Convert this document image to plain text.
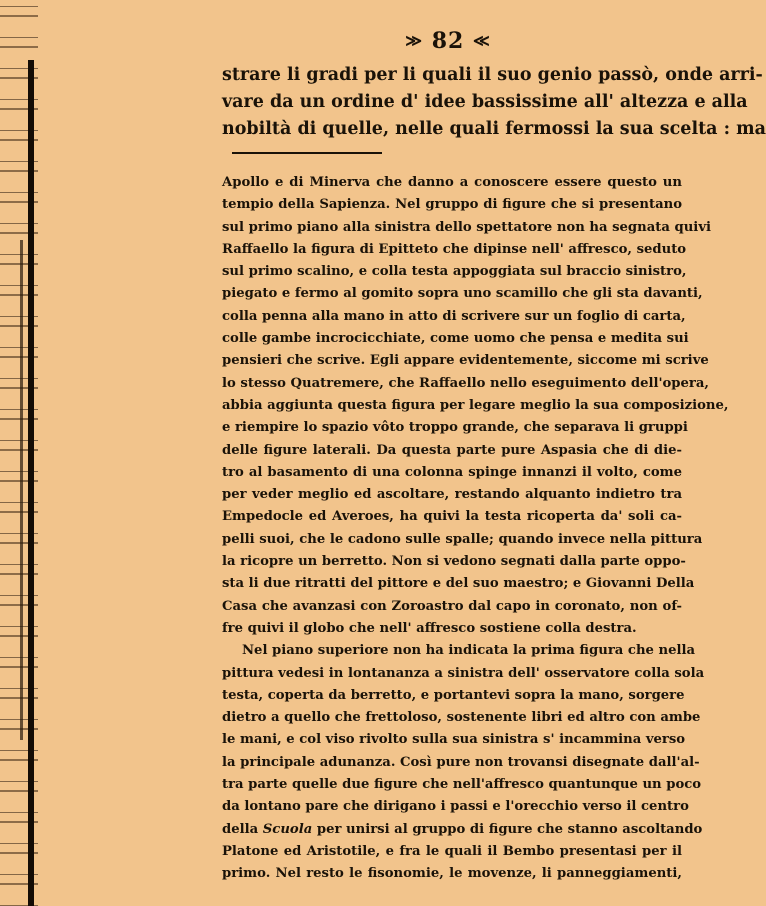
≫ 82 ≪
strare li gradi per li quali il suo genio passò, onde arri-
vare da un ordine d' idee bassissime all' altezza e alla
nobiltà di quelle, nelle quali fermossi la sua scelta : ma
Apollo e di Minerva che danno a conoscere essere questo un
tempio della Sapienza. Nel gruppo di figure che si presentano
sul primo piano alla sinistra dello spettatore non ha segnata quivi
Raffaello la figura di Epitteto che dipinse nell' affresco, seduto
sul primo scalino, e colla testa appoggiata sul braccio sinistro,
piegato e fermo al gomito sopra uno scamillo che gli sta davanti,
colla penna alla mano in atto di scrivere sur un foglio di carta,
colle gambe incrocicchiate, come uomo che pensa e medita sui
pensieri che scrive. Egli appare evidentemente, siccome mi scrive
lo stesso Quatremere, che Raffaello nello eseguimento dell'opera,
abbia aggiunta questa figura per legare meglio la sua composizione,
e riempire lo spazio vôto troppo grande, che separava li gruppi
delle figure laterali. Da questa parte pure Aspasia che di die-
tro al basamento di una colonna spinge innanzi il volto, come
per veder meglio ed ascoltare, restando alquanto indietro tra
Empedocle ed Averoes, ha quivi la testa ricoperta da' soli ca-
pelli suoi, che le cadono sulle spalle; quando invece nella pittura
la ricopre un berretto. Non si vedono segnati dalla parte oppo-
sta li due ritratti del pittore e del suo maestro; e Giovanni Della
Casa che avanzasi con Zoroastro dal capo in coronato, non of-
fre quivi il globo che nell' affresco sostiene colla destra.
Nel piano superiore non ha indicata la prima figura che nella
pittura vedesi in lontananza a sinistra dell' osservatore colla sola
testa, coperta da berretto, e portantevi sopra la mano, sorgere
dietro a quello che frettoloso, sostenente libri ed altro con ambe
le mani, e col viso rivolto sulla sua sinistra s' incammina verso
la principale adunanza. Così pure non trovansi disegnate dall'al-
tra parte quelle due figure che nell'affresco quantunque un poco
da lontano pare che dirigano i passi e l'orecchio verso il centro
della Scuola per unirsi al gruppo di figure che stanno ascoltando
Platone ed Aristotile, e fra le quali il Bembo presentasi per il
primo. Nel resto le fisonomie, le movenze, li panneggiamenti,
